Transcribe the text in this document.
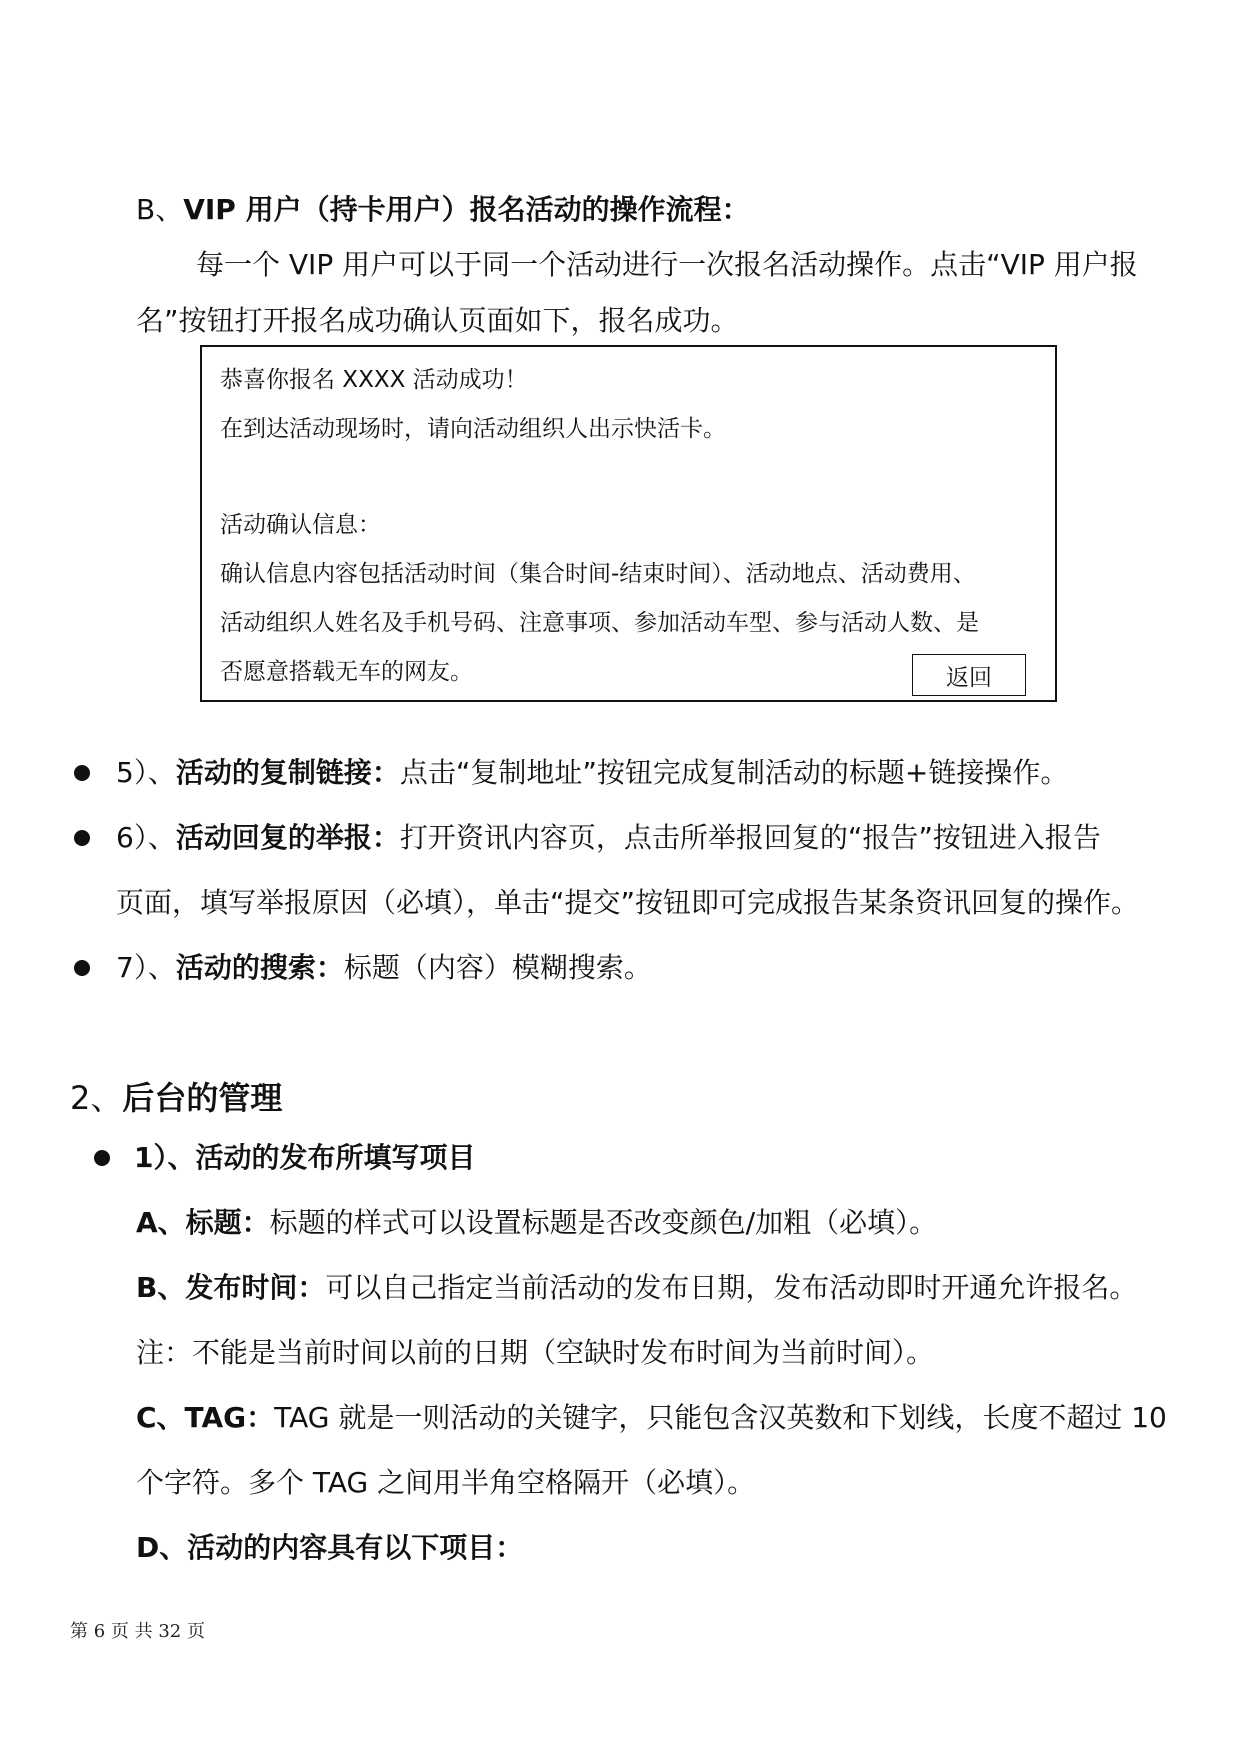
B、VIP 用户（持卡用户）报名活动的操作流程：
每一个 VIP 用户可以于同一个活动进行一次报名活动操作。点击“VIP 用户报
名”按钮打开报名成功确认页面如下，报名成功。
恭喜你报名 XXXX 活动成功！
在到达活动现场时，请向活动组织人出示快活卡。
活动确认信息：
确认信息内容包括活动时间（集合时间-结束时间）、活动地点、活动费用、
活动组织人姓名及手机号码、注意事项、参加活动车型、参与活动人数、是
否愿意搭载无车的网友。	返回
5）、活动的复制链接：点击“复制地址”按钮完成复制活动的标题+链接操作。
6）、活动回复的举报：打开资讯内容页，点击所举报回复的“报告”按钮进入报告
页面，填写举报原因（必填），单击“提交”按钮即可完成报告某条资讯回复的操作。
7）、活动的搜索：标题（内容）模糊搜索。
2、后台的管理
1）、活动的发布所填写项目
A、标题：标题的样式可以设置标题是否改变颜色/加粗（必填）。
B、发布时间：可以自己指定当前活动的发布日期，发布活动即时开通允许报名。
注：不能是当前时间以前的日期（空缺时发布时间为当前时间）。
C、TAG：TAG 就是一则活动的关键字，只能包含汉英数和下划线，长度不超过 10
个字符。多个 TAG 之间用半角空格隔开（必填）。
D、活动的内容具有以下项目：
第 6 页 共 32 页
